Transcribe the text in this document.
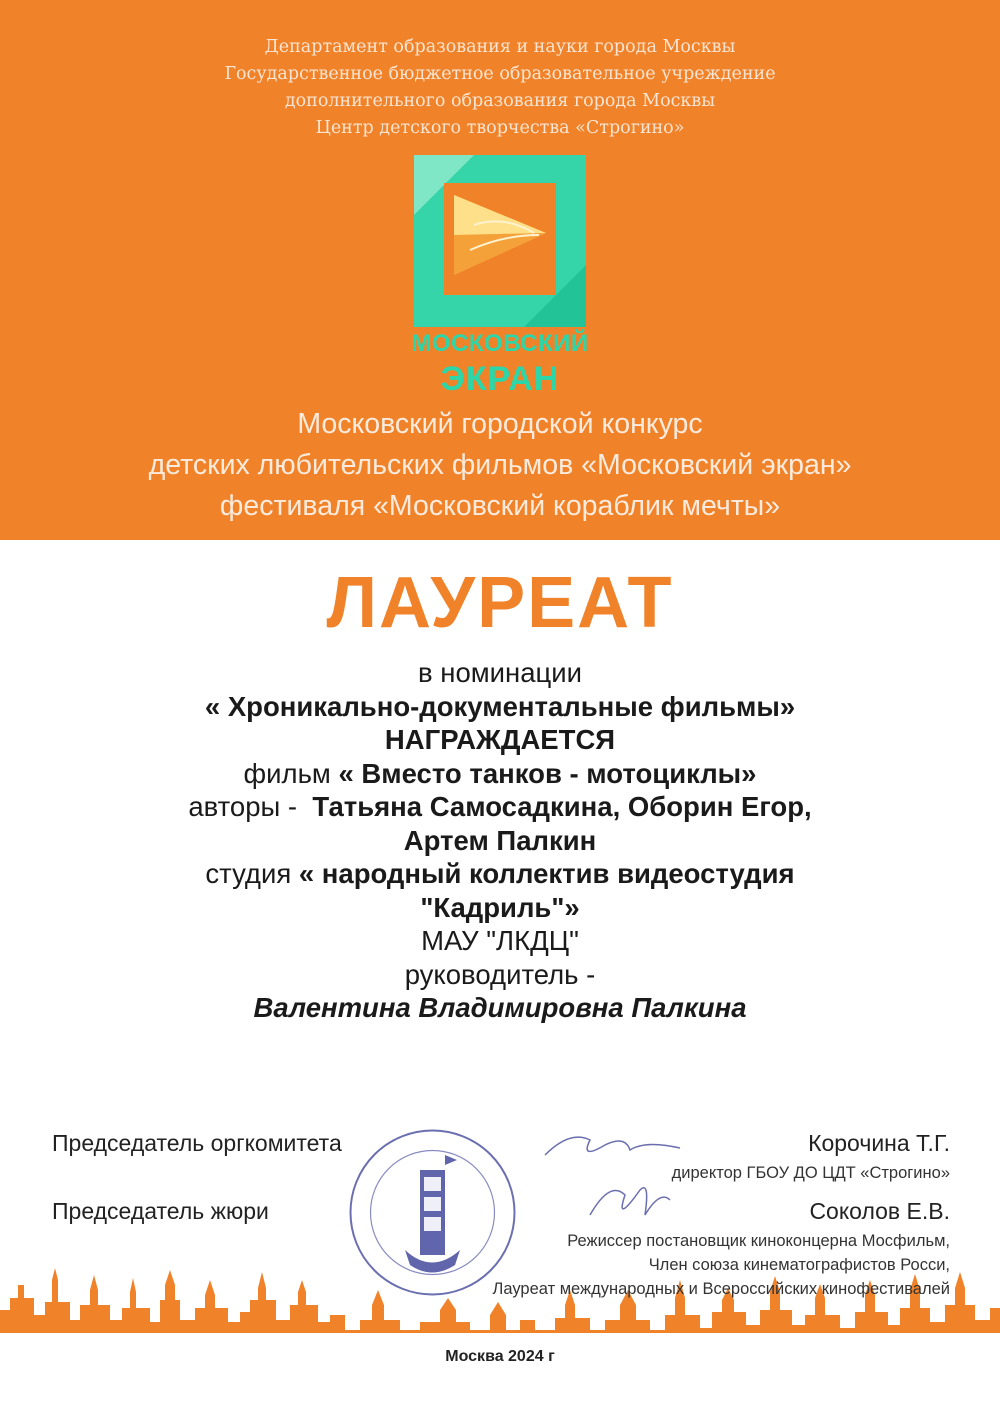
Департамент образования и науки города Москвы
Государственное бюджетное образовательное учреждение
дополнительного образования города Москвы
Центр детского творчества «Строгино»
МОСКОВСКИЙ
ЭКРАН
Московский городской конкурс
детских любительских фильмов «Московский экран»
фестиваля «Московский кораблик мечты»
ЛАУРЕАТ
в номинации
« Хроникально-документальные фильмы»
НАГРАЖДАЕТСЯ
фильм « Вместо танков - мотоциклы»
авторы -  Татьяна Самосадкина, Оборин Егор,
Артем Палкин
студия « народный коллектив видеостудия
"Кадриль"»
МАУ "ЛКДЦ"
руководитель -
Валентина Владимировна Палкина
Москва 2024 г
Председатель оргкомитета	Корочина Т.Г.
директор ГБОУ ДО ЦДТ «Строгино»
Председатель жюри	Соколов Е.В.
Режиссер постановщик киноконцерна Мосфильм,
Член союза кинематографистов Росси,
Лауреат международных и Всероссийских кинофестивалей
